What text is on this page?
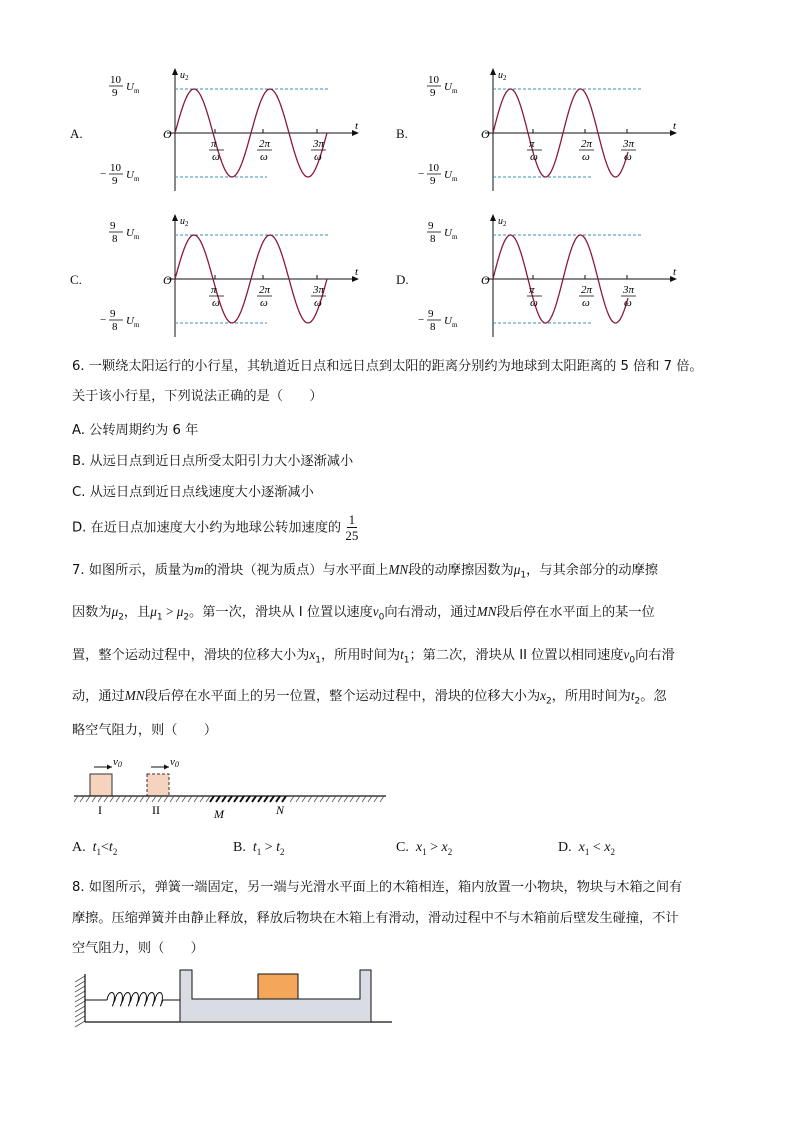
A.
π
ω
2π
ω
3π
ω
O
t
u 2
10
9 U m
− 10
9 U m
B.
π
ω
2π
ω
3π
ω
O
t
u 2
10
9 U m
− 10
9 U m
C.
π
ω
2π
ω
3π
ω
O
t
u 2
9
8 U m
− 9
8 U m
D.
π
ω
2π
ω
3π
ω
O
t
u 2
9
8 U m
− 9
8 U m
6. 一颗绕太阳运行的小行星，其轨道近日点和远日点到太阳的距离分别约为地球到太阳距离的 5 倍和 7 倍。
关于该小行星，下列说法正确的是（　　）
A. 公转周期约为 6 年
B. 从远日点到近日点所受太阳引力大小逐渐减小
C. 从远日点到近日点线速度大小逐渐减小
D. 在近日点加速度大小约为地球公转加速度的 $\frac{1}{25}$
7. 如图所示，质量为m的滑块（视为质点）与水平面上MN段的动摩擦因数为$\mu_1$，与其余部分的动摩擦
因数为$\mu_2$，且$\mu_1 > \mu_2$。第一次，滑块从 I 位置以速度$v_0$向右滑动，通过MN段后停在水平面上的某一位
置，整个运动过程中，滑块的位移大小为$x_1$，所用时间为$t_1$；第二次，滑块从 II 位置以相同速度$v_0$向右滑
动，通过MN段后停在水平面上的另一位置，整个运动过程中，滑块的位移大小为$x_2$，所用时间为$t_2$。忽
略空气阻力，则（　　）
v0	v0
I	II	M	N
A. $t_1<t_2$	B. $t_1 > t_2$	C. $x_1 > x_2$	D. $x_1 < x_2$
8. 如图所示，弹簧一端固定，另一端与光滑水平面上的木箱相连，箱内放置一小物块，物块与木箱之间有
摩擦。压缩弹簧并由静止释放，释放后物块在木箱上有滑动，滑动过程中不与木箱前后壁发生碰撞，不计
空气阻力，则（　　）
